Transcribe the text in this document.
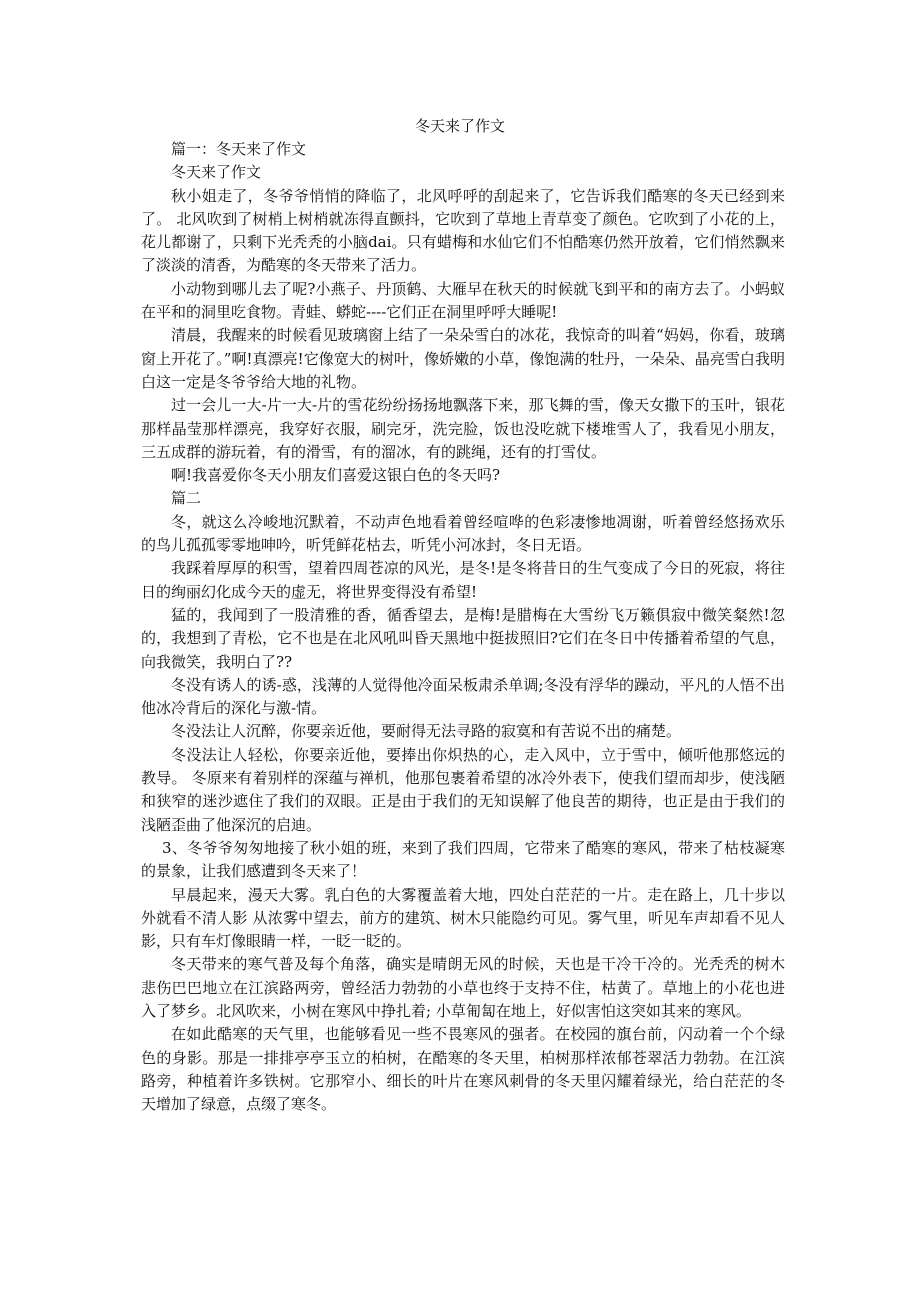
冬天来了作文

篇一：冬天来了作文

冬天来了作文

秋小姐走了，冬爷爷悄悄的降临了，北风呼呼的刮起来了，它告诉我们酷寒的冬天已经到来了。 北风吹到了树梢上树梢就冻得直颤抖，它吹到了草地上青草变了颜色。它吹到了小花的上，花儿都谢了，只剩下光秃秃的小脑dai。只有蜡梅和水仙它们不怕酷寒仍然开放着，它们悄然飘来了淡淡的清香，为酷寒的冬天带来了活力。

小动物到哪儿去了呢?小燕子、丹顶鹤、大雁早在秋天的时候就飞到平和的南方去了。小蚂蚁在平和的洞里吃食物。青蛙、蟒蛇----它们正在洞里呼呼大睡呢!

清晨，我醒来的时候看见玻璃窗上结了一朵朵雪白的冰花，我惊奇的叫着“妈妈，你看，玻璃窗上开花了。”啊!真漂亮!它像宽大的树叶，像娇嫩的小草，像饱满的牡丹，一朵朵、晶亮雪白我明白这一定是冬爷爷给大地的礼物。

过一会儿一大-片一大-片的雪花纷纷扬扬地飘落下来，那飞舞的雪，像天女撒下的玉叶，银花那样晶莹那样漂亮，我穿好衣服，刷完牙，洗完脸，饭也没吃就下楼堆雪人了，我看见小朋友，三五成群的游玩着，有的滑雪，有的溜冰，有的跳绳，还有的打雪仗。

啊!我喜爱你冬天小朋友们喜爱这银白色的冬天吗?

篇二

冬，就这么冷峻地沉默着，不动声色地看着曾经喧哗的色彩凄惨地凋谢，听着曾经悠扬欢乐的鸟儿孤孤零零地呻吟，听凭鲜花枯去，听凭小河冰封，冬日无语。

我踩着厚厚的积雪，望着四周苍凉的风光，是冬!是冬将昔日的生气变成了今日的死寂，将往日的绚丽幻化成今天的虚无，将世界变得没有希望!

猛的，我闻到了一股清雅的香，循香望去，是梅!是腊梅在大雪纷飞万籁俱寂中微笑粲然!忽的，我想到了青松，它不也是在北风吼叫昏天黑地中挺拔照旧?它们在冬日中传播着希望的气息，向我微笑，我明白了??

冬没有诱人的诱-惑，浅薄的人觉得他冷面呆板肃杀单调;冬没有浮华的躁动，平凡的人悟不出他冰冷背后的深化与激-情。

冬没法让人沉醉，你要亲近他，要耐得无法寻路的寂寞和有苦说不出的痛楚。

冬没法让人轻松，你要亲近他，要捧出你炽热的心，走入风中，立于雪中，倾听他那悠远的教导。 冬原来有着别样的深蕴与禅机，他那包裹着希望的冰冷外表下，使我们望而却步，使浅陋和狭窄的迷沙遮住了我们的双眼。正是由于我们的无知误解了他良苦的期待，也正是由于我们的浅陋歪曲了他深沉的启迪。

3、冬爷爷匆匆地接了秋小姐的班，来到了我们四周，它带来了酷寒的寒风，带来了枯枝凝寒的景象，让我们感遭到冬天来了！

早晨起来，漫天大雾。乳白色的大雾覆盖着大地，四处白茫茫的一片。走在路上，几十步以外就看不清人影 从浓雾中望去，前方的建筑、树木只能隐约可见。雾气里，听见车声却看不见人影，只有车灯像眼睛一样，一眨一眨的。

冬天带来的寒气普及每个角落，确实是晴朗无风的时候，天也是干冷干冷的。光秃秃的树木悲伤巴巴地立在江滨路两旁，曾经活力勃勃的小草也终于支持不住，枯黄了。草地上的小花也进入了梦乡。北风吹来，小树在寒风中挣扎着; 小草匍匐在地上，好似害怕这突如其来的寒风。

在如此酷寒的天气里，也能够看见一些不畏寒风的强者。在校园的旗台前，闪动着一个个绿色的身影。那是一排排亭亭玉立的柏树，在酷寒的冬天里，柏树那样浓郁苍翠活力勃勃。在江滨路旁，种植着许多铁树。它那窄小、细长的叶片在寒风刺骨的冬天里闪耀着绿光，给白茫茫的冬天增加了绿意，点缀了寒冬。
